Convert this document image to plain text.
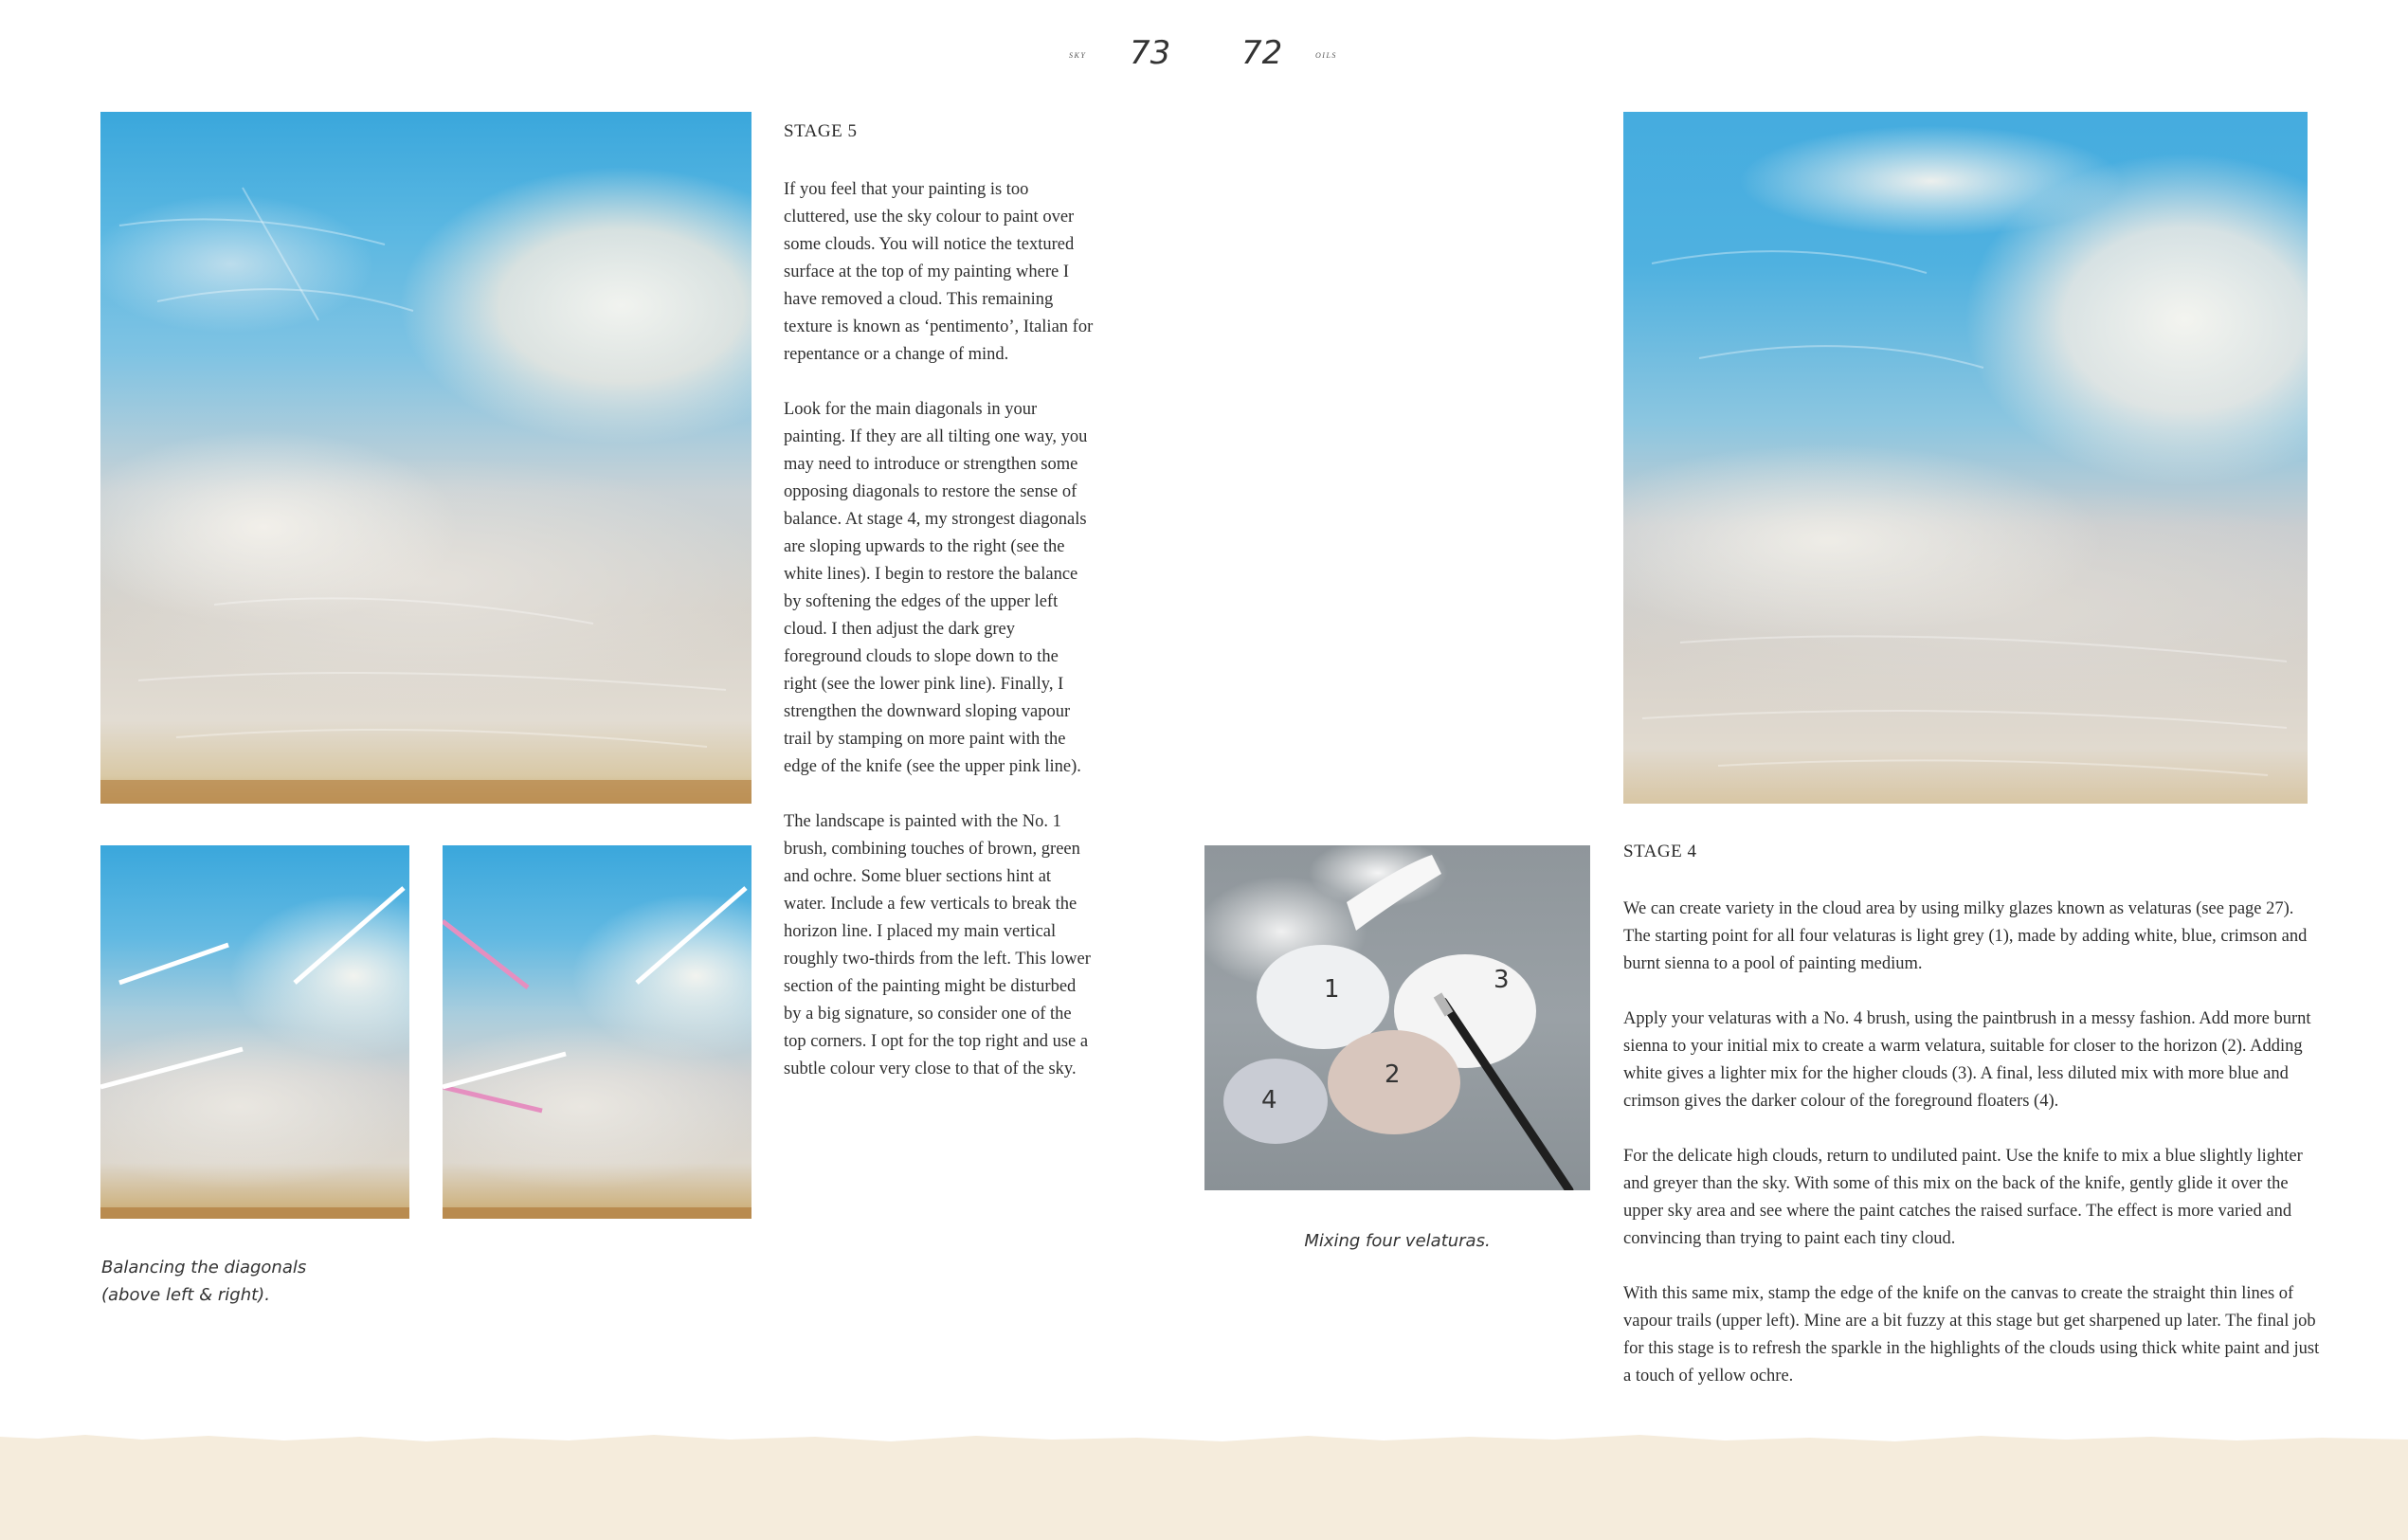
sky 73 72	oils
Balancing the diagonals
(above left & right).
STAGE 5

If you feel that your painting is too cluttered, use the sky colour to paint over some clouds. You will notice the textured surface at the top of my painting where I have removed a cloud. This remaining texture is known as ‘pentimento’, Italian for repentance or a change of mind.

Look for the main diagonals in your painting. If they are all tilting one way, you may need to introduce or strengthen some opposing diagonals to restore the sense of balance. At stage 4, my strongest diagonals are sloping upwards to the right (see the white lines). I begin to restore the balance by softening the edges of the upper left cloud. I then adjust the dark grey foreground clouds to slope down to the right (see the lower pink line). Finally, I strengthen the downward sloping vapour trail by stamping on more paint with the edge of the knife (see the upper pink line).

The landscape is painted with the No. 1 brush, combining touches of brown, green and ochre. Some bluer sections hint at water. Include a few verticals to break the horizon line. I placed my main vertical roughly two-thirds from the left. This lower section of the painting might be disturbed by a big signature, so consider one of the top corners. I opt for the top right and use a subtle colour very close to that of the sky.

1
2
3
4
Mixing four velaturas.
STAGE 4

We can create variety in the cloud area by using milky glazes known as velaturas (see page 27). The starting point for all four velaturas is light grey (1), made by adding white, blue, crimson and burnt sienna to a pool of painting medium.

Apply your velaturas with a No. 4 brush, using the paintbrush in a messy fashion. Add more burnt sienna to your initial mix to create a warm velatura, suitable for closer to the horizon (2). Adding white gives a lighter mix for the higher clouds (3). A final, less diluted mix with more blue and crimson gives the darker colour of the foreground floaters (4).

For the delicate high clouds, return to undiluted paint. Use the knife to mix a blue slightly lighter and greyer than the sky. With some of this mix on the back of the knife, gently glide it over the upper sky area and see where the paint catches the raised surface. The effect is more varied and convincing than trying to paint each tiny cloud.

With this same mix, stamp the edge of the knife on the canvas to create the straight thin lines of vapour trails (upper left). Mine are a bit fuzzy at this stage but get sharpened up later. The final job for this stage is to refresh the sparkle in the highlights of the clouds using thick white paint and just a touch of yellow ochre.
